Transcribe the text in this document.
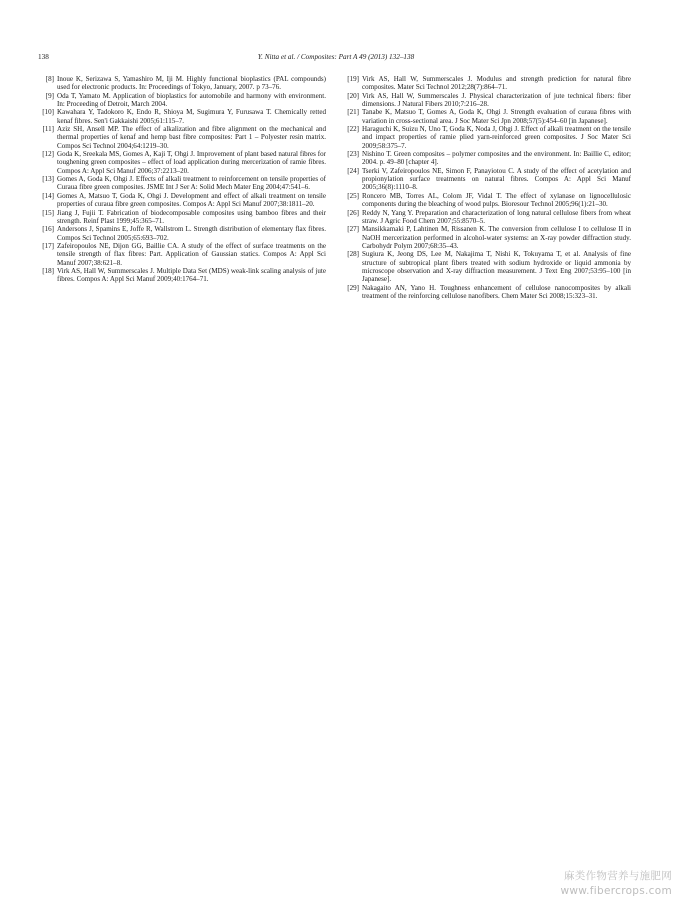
138	Y. Nitta et al. / Composites: Part A 49 (2013) 132–138
[8] Inoue K, Serizawa S, Yamashiro M, Iji M. Highly functional bioplastics (PAL compounds) used for electronic products. In: Proceedings of Tokyo, January, 2007. p 73–76.
[9] Oda T, Yamato M. Application of bioplastics for automobile and harmony with environment. In: Proceeding of Detroit, March 2004.
[10] Kawahara Y, Tadokoro K, Endo R, Shioya M, Sugimura Y, Furusawa T. Chemically retted kenaf fibres. Sen'i Gakkaishi 2005;61:115–7.
[11] Aziz SH, Ansell MP. The effect of alkalization and fibre alignment on the mechanical and thermal properties of kenaf and hemp bast fibre composites: Part 1 – Polyester resin matrix. Compos Sci Technol 2004;64:1219–30.
[12] Goda K, Sreekala MS, Gomes A, Kaji T, Ohgi J. Improvement of plant based natural fibres for toughening green composites – effect of load application during mercerization of ramie fibres. Compos A: Appl Sci Manuf 2006;37:2213–20.
[13] Gomes A, Goda K, Ohgi J. Effects of alkali treatment to reinforcement on tensile properties of Curaua fibre green composites. JSME Int J Ser A: Solid Mech Mater Eng 2004;47:541–6.
[14] Gomes A, Matsuo T, Goda K, Ohgi J. Development and effect of alkali treatment on tensile properties of curaua fibre green composites. Compos A: Appl Sci Manuf 2007;38:1811–20.
[15] Jiang J, Fujii T. Fabrication of biodecomposable composites using bamboo fibres and their strength. Reinf Plast 1999;45:365–71.
[16] Andersons J, Spamins E, Joffe R, Wallstrom L. Strength distribution of elementary flax fibres. Compos Sci Technol 2005;65:693–702.
[17] Zafeiropoulos NE, Dijon GG, Baillie CA. A study of the effect of surface treatments on the tensile strength of flax fibres: Part. Application of Gaussian statics. Compos A: Appl Sci Manuf 2007;38:621–8.
[18] Virk AS, Hall W, Summerscales J. Multiple Data Set (MDS) weak-link scaling analysis of jute fibres. Compos A: Appl Sci Manuf 2009;40:1764–71.
[19] Virk AS, Hall W, Summerscales J. Modulus and strength prediction for natural fibre composites. Mater Sci Technol 2012;28(7):864–71.
[20] Virk AS, Hall W, Summerscales J. Physical characterization of jute technical fibers: fiber dimensions. J Natural Fibers 2010;7:216–28.
[21] Tanabe K, Matsuo T, Gomes A, Goda K, Ohgi J. Strength evaluation of curaua fibres with variation in cross-sectional area. J Soc Mater Sci Jpn 2008;57(5):454–60 [in Japanese].
[22] Haraguchi K, Suizu N, Uno T, Goda K, Noda J, Ohgi J. Effect of alkali treatment on the tensile and impact properties of ramie plied yarn-reinforced green composites. J Soc Mater Sci 2009;58:375–7.
[23] Nishino T. Green composites – polymer composites and the environment. In: Baillie C, editor; 2004. p. 49–80 [chapter 4].
[24] Tserki V, Zafeiropoulos NE, Simon F, Panayiotou C. A study of the effect of acetylation and propionylation surface treatments on natural fibres. Compos A: Appl Sci Manuf 2005;36(8):1110–8.
[25] Roncero MB, Torres AL, Colom JF, Vidal T. The effect of xylanase on lignocellulosic components during the bleaching of wood pulps. Bioresour Technol 2005;96(1):21–30.
[26] Reddy N, Yang Y. Preparation and characterization of long natural cellulose fibers from wheat straw. J Agric Food Chem 2007;55:8570–5.
[27] Mansikkamaki P, Lahtinen M, Rissanen K. The conversion from cellulose I to cellulose II in NaOH mercerization performed in alcohol-water systems: an X-ray powder diffraction study. Carbohydr Polym 2007;68:35–43.
[28] Sugiura K, Jeong DS, Lee M, Nakajima T, Nishi K, Tokuyama T, et al. Analysis of fine structure of subtropical plant fibers treated with sodium hydroxide or liquid ammonia by microscope observation and X-ray diffraction measurement. J Text Eng 2007;53:95–100 [in Japanese].
[29] Nakagaito AN, Yano H. Toughness enhancement of cellulose nanocomposites by alkali treatment of the reinforcing cellulose nanofibers. Chem Mater Sci 2008;15:323–31.
麻类作物营养与施肥网
www.fibercrops.com
